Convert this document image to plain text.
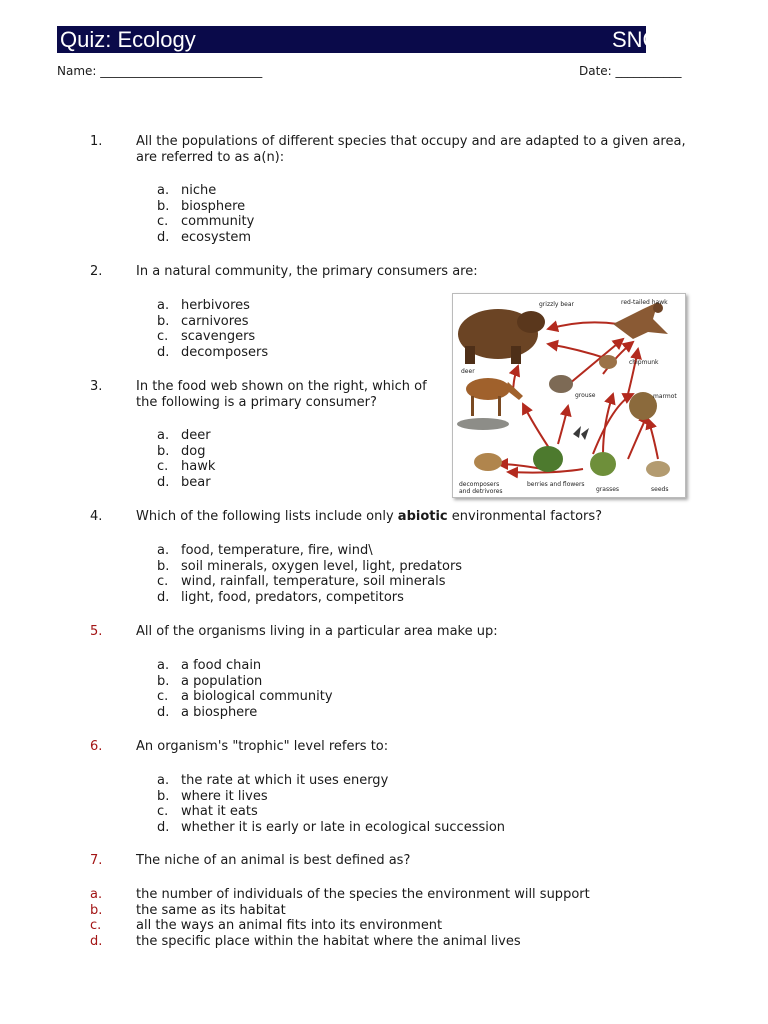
Quiz: Ecology	SNC
Name: ___________________________	Date: ___________
1.	All the populations of different species that occupy and are adapted to a given area,
are referred to as a(n):
a. niche
b. biosphere
c. community
d. ecosystem
2.	In a natural community, the primary consumers are:
a. herbivores
b. carnivores
c. scavengers
d. decomposers
3.	In the food web shown on the right, which of
the following is a primary consumer?
a. deer
b. dog
c. hawk
d. bear
grizzly bear	red-tailed hawk
chipmunk
deer
grouse	marmot
decomposers
and detrivores
berries and flowers
grasses	seeds
4.	Which of the following lists include only abiotic environmental factors?
a. food, temperature, fire, wind\
b. soil minerals, oxygen level, light, predators
c. wind, rainfall, temperature, soil minerals
d. light, food, predators, competitors
5.	All of the organisms living in a particular area make up:
a. a food chain
b. a population
c. a biological community
d. a biosphere
6.	An organism's "trophic" level refers to:
a. the rate at which it uses energy
b. where it lives
c. what it eats
d. whether it is early or late in ecological succession
7.	The niche of an animal is best defined as?
a.	the number of individuals of the species the environment will support
b.	the same as its habitat
c.	all the ways an animal fits into its environment
d.	the specific place within the habitat where the animal lives
